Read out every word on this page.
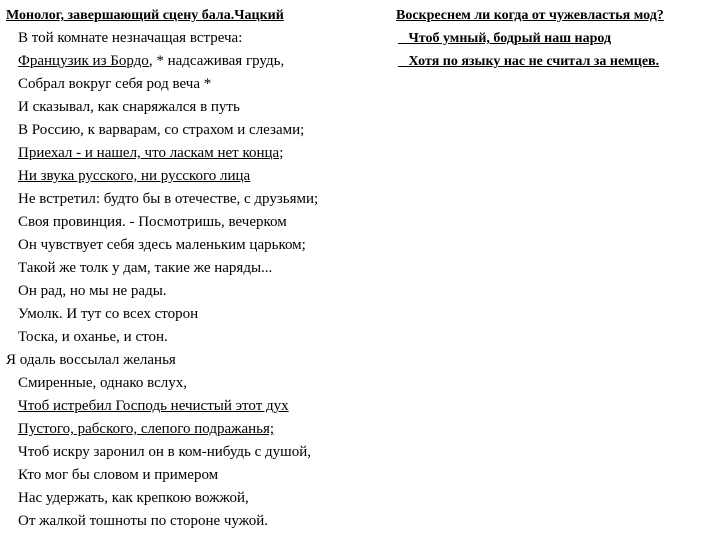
Монолог, завершающий сцену бала.Чацкий
В той комнате незначащая встреча:
Французик из Бордо, * надсаживая грудь,
Собрал вокруг себя род веча *
И сказывал, как снаряжался в путь
В Россию, к варварам, со страхом и слезами;
Приехал - и нашел, что ласкам нет конца;
Ни звука русского, ни русского лица
Не встретил: будто бы в отечестве, с друзьями;
Своя провинция. - Посмотришь, вечерком
Он чувствует себя здесь маленьким царьком;
Такой же толк у дам, такие же наряды...
Он рад, но мы не рады.
Умолк. И тут со всех сторон
Тоска, и оханье, и стон.
Я одаль воссылал желанья
Смиренные, однако вслух,
Чтоб истребил Господь нечистый этот дух
Пустого, рабского, слепого подражанья;
Чтоб искру заронил он в ком-нибудь с душой,
Кто мог бы словом и примером
Нас удержать, как крепкою вожжой,
От жалкой тошноты по стороне чужой.
Воскреснем ли когда от чужевластья мод?
Чтоб умный, бодрый наш народ
Хотя по языку нас не считал за немцев.
